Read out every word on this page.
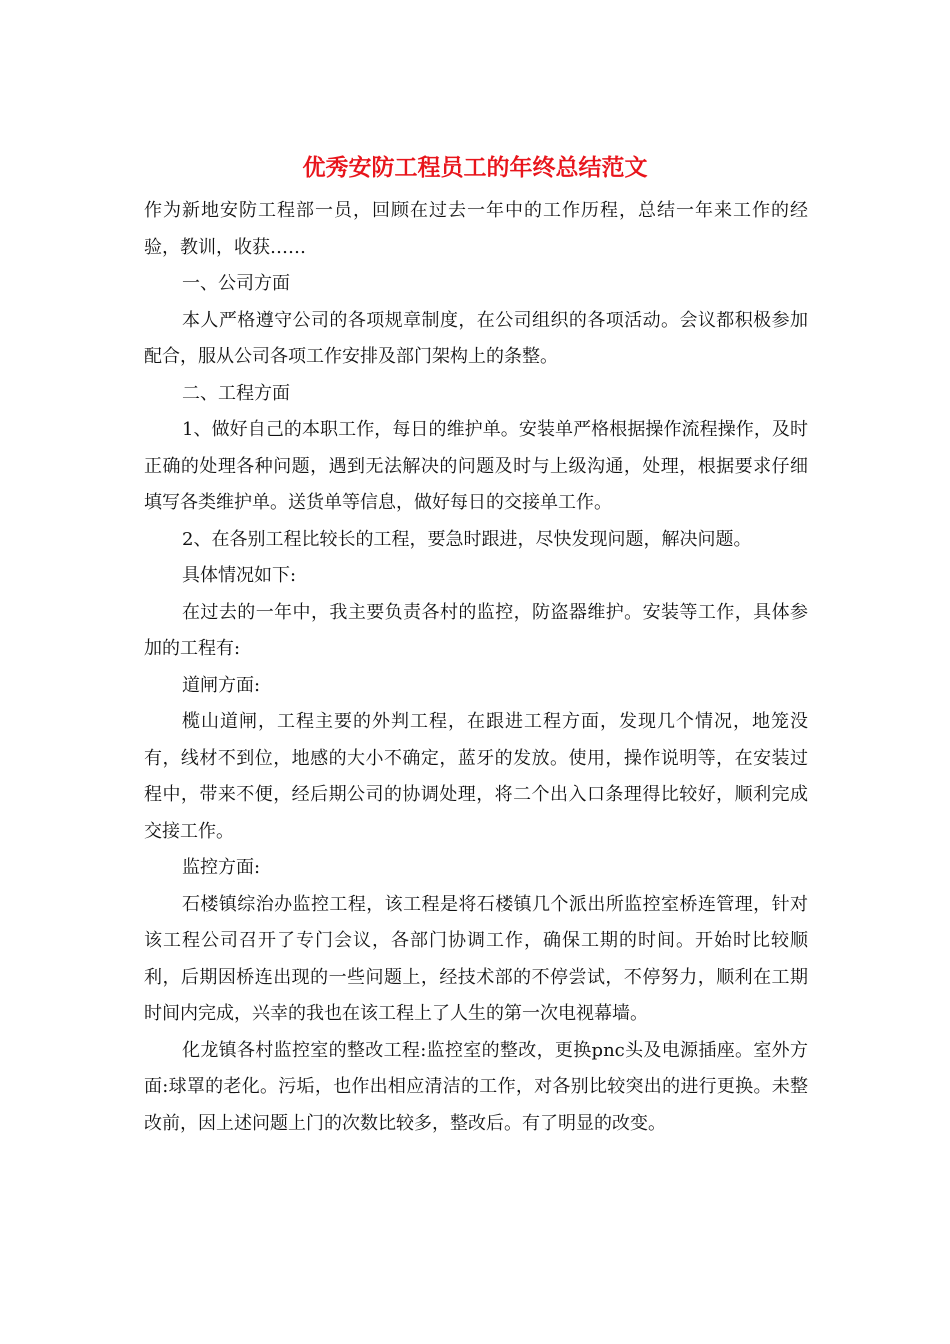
优秀安防工程员工的年终总结范文

作为新地安防工程部一员，回顾在过去一年中的工作历程，总结一年来工作的经验，教训，收获……

一、公司方面

本人严格遵守公司的各项规章制度，在公司组织的各项活动。会议都积极参加配合，服从公司各项工作安排及部门架构上的条整。

二、工程方面

1、做好自己的本职工作，每日的维护单。安装单严格根据操作流程操作，及时正确的处理各种问题，遇到无法解决的问题及时与上级沟通，处理，根据要求仔细填写各类维护单。送货单等信息，做好每日的交接单工作。

2、在各别工程比较长的工程，要急时跟进，尽快发现问题，解决问题。

具体情况如下:

在过去的一年中，我主要负责各村的监控，防盗器维护。安装等工作，具体参加的工程有:

道闸方面:

榄山道闸，工程主要的外判工程，在跟进工程方面，发现几个情况，地笼没有，线材不到位，地感的大小不确定，蓝牙的发放。使用，操作说明等，在安装过程中，带来不便，经后期公司的协调处理，将二个出入口条理得比较好，顺利完成交接工作。

监控方面:

石楼镇综治办监控工程，该工程是将石楼镇几个派出所监控室桥连管理，针对该工程公司召开了专门会议，各部门协调工作，确保工期的时间。开始时比较顺利，后期因桥连出现的一些问题上，经技术部的不停尝试，不停努力，顺利在工期时间内完成，兴幸的我也在该工程上了人生的第一次电视幕墙。

化龙镇各村监控室的整改工程:监控室的整改，更换pnc头及电源插座。室外方面:球罩的老化。污垢，也作出相应清洁的工作，对各别比较突出的进行更换。未整改前，因上述问题上门的次数比较多，整改后。有了明显的改变。
